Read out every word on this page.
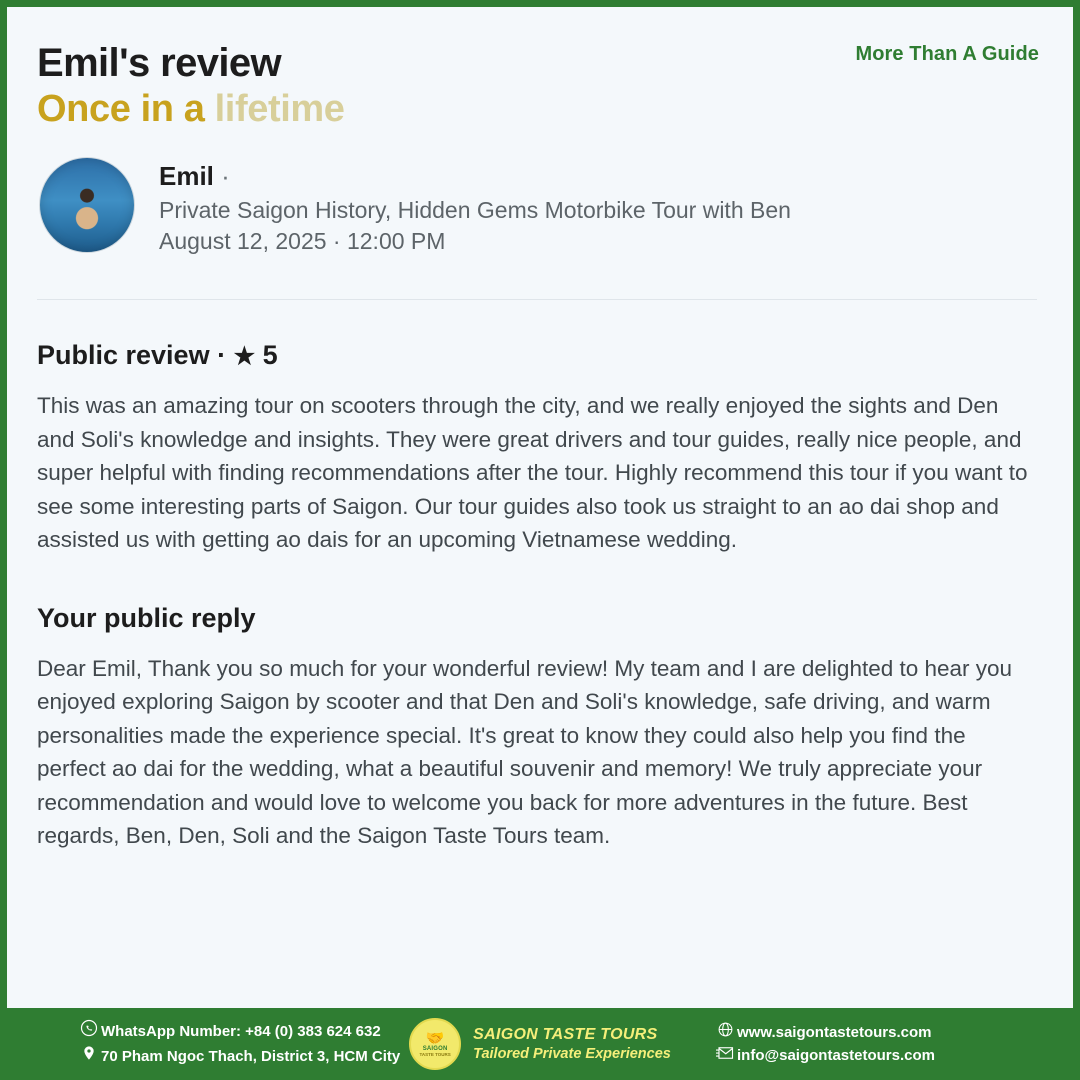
More Than A Guide
Emil's review
Once in a lifetime
Emil ·
Private Saigon History, Hidden Gems Motorbike Tour with Ben
August 12, 2025 · 12:00 PM
Public review · ★ 5

This was an amazing tour on scooters through the city, and we really enjoyed the sights and Den and Soli's knowledge and insights. They were great drivers and tour guides, really nice people, and super helpful with finding recommendations after the tour. Highly recommend this tour if you want to see some interesting parts of Saigon. Our tour guides also took us straight to an ao dai shop and assisted us with getting ao dais for an upcoming Vietnamese wedding.

Your public reply

Dear Emil, Thank you so much for your wonderful review! My team and I are delighted to hear you enjoyed exploring Saigon by scooter and that Den and Soli's knowledge, safe driving, and warm personalities made the experience special. It's great to know they could also help you find the perfect ao dai for the wedding, what a beautiful souvenir and memory! We truly appreciate your recommendation and would love to welcome you back for more adventures in the future. Best regards, Ben, Den, Soli and the Saigon Taste Tours team.

WhatsApp Number: +84 (0) 383 624 632
70 Pham Ngoc Thach, District 3, HCM City
🤝
SAIGON
TASTE TOURS
SAIGON TASTE TOURS
Tailored Private Experiences
www.saigontastetours.com
info@saigontastetours.com
